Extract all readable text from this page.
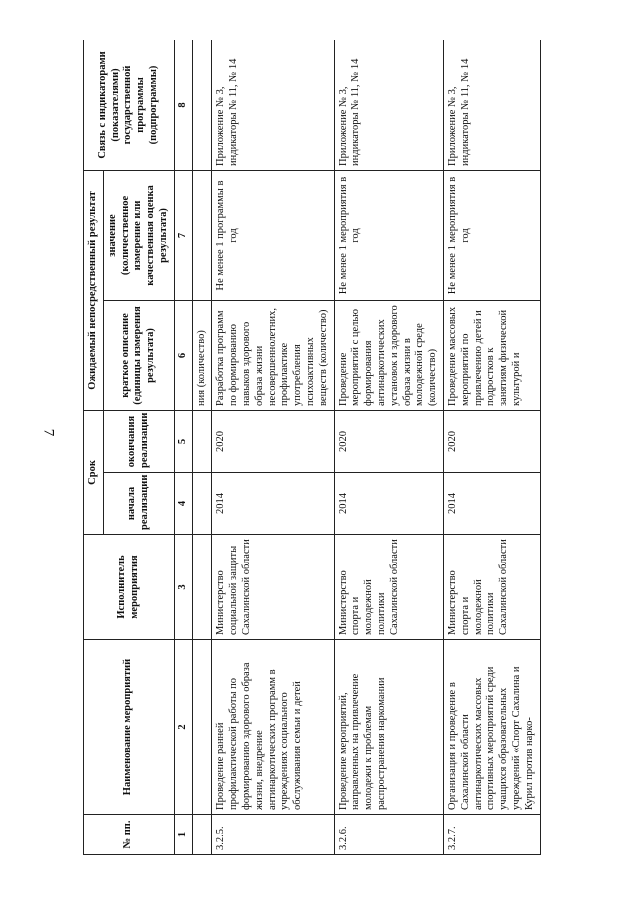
7
№ пп.	Наименование мероприятий	Исполнитель мероприятия	Срок		Ожидаемый непосредственный результат		Связь с индикаторами (показателями) государственной программы (подпрограммы)
			начала реализации	окончания реализации	краткое описание (единицы измерения результата)	значение (количественное измерение или качественная оценка результата)	
1	2	3	4	5	6	7	8
					ния (количество)		
3.2.5.	Проведение ранней профилактической работы по формированию здорового образа жизни, внедрение антинаркотических программ в учреждениях социального обслуживания семьи и детей	Министерство социальной защиты Сахалинской области	2014	2020	Разработка программ по формированию навыков здорового образа жизни несовершеннолетних, профилактике употребления психоактивных веществ (количество)	Не менее 1 программы в год	Приложение № 3, индикаторы № 11, № 14
3.2.6.	Проведение мероприятий, направленных на привлечение молодежи к проблемам распространения наркомании	Министерство спорта и молодежной политики Сахалинской области	2014	2020	Проведение мероприятий с целью формирования антинаркотических установок и здорового образа жизни в молодежной среде (количество)	Не менее 1 мероприятия в год	Приложение № 3, индикаторы № 11, № 14
3.2.7.	Организация и проведение в Сахалинской области антинаркотических массовых спортивных мероприятий среди учащихся образовательных учреждений «Спорт Сахалина и Курил против нарко-	Министерство спорта и молодежной политики Сахалинской области	2014	2020	Проведение массовых мероприятий по привлечению детей и подростков к занятиям физической культурой и	Не менее 1 мероприятия в год	Приложение № 3, индикаторы № 11, № 14
